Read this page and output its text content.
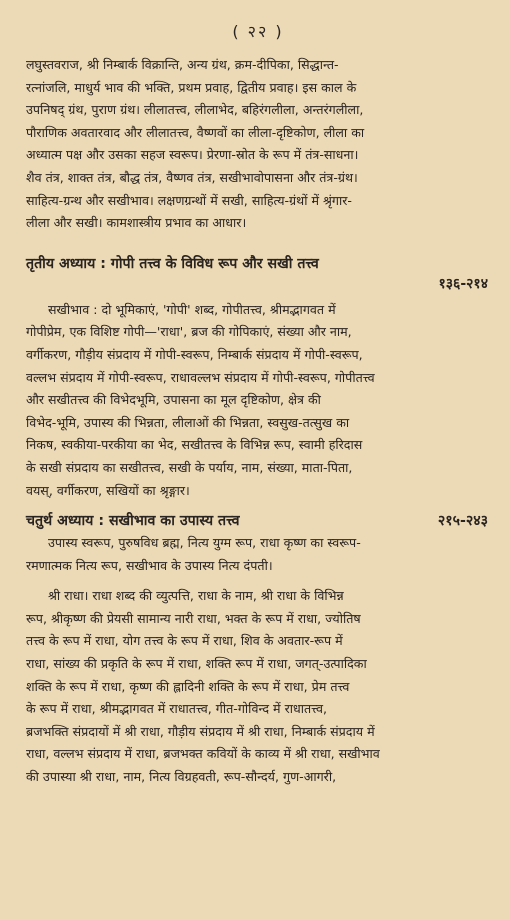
( २२ )
लघुस्तवराज, श्री निम्बार्क विक्रान्ति, अन्य ग्रंथ, क्रम-दीपिका, सिद्धान्त-
रत्नांजलि, माधुर्य भाव की भक्ति, प्रथम प्रवाह, द्वितीय प्रवाह। इस काल के
उपनिषद् ग्रंथ, पुराण ग्रंथ। लीलातत्त्व, लीलाभेद, बहिरंगलीला, अन्तरंगलीला,
पौराणिक अवतारवाद और लीलातत्त्व, वैष्णवों का लीला-दृष्टिकोण, लीला का
अध्यात्म पक्ष और उसका सहज स्वरूप। प्रेरणा-स्रोत के रूप में तंत्र-साधना।
शैव तंत्र, शाक्त तंत्र, बौद्ध तंत्र, वैष्णव तंत्र, सखीभावोपासना और तंत्र-ग्रंथ।
साहित्य-ग्रन्थ और सखीभाव। लक्षणग्रन्थों में सखी, साहित्य-ग्रंथों में श्रृंगार-
लीला और सखी। कामशास्त्रीय प्रभाव का आधार।
तृतीय अध्याय : गोपी तत्त्व के विविध रूप और सखी तत्त्व
१३६-२१४
सखीभाव : दो भूमिकाएं, 'गोपी' शब्द, गोपीतत्त्व, श्रीमद्भागवत में
गोपीप्रेम, एक विशिष्ट गोपी—'राधा', ब्रज की गोपिकाएं, संख्या और नाम,
वर्गीकरण, गौड़ीय संप्रदाय में गोपी-स्वरूप, निम्बार्क संप्रदाय में गोपी-स्वरूप,
वल्लभ संप्रदाय में गोपी-स्वरूप, राधावल्लभ संप्रदाय में गोपी-स्वरूप, गोपीतत्त्व
और सखीतत्त्व की विभेदभूमि, उपासना का मूल दृष्टिकोण, क्षेत्र की
विभेद-भूमि, उपास्य की भिन्नता, लीलाओं की भिन्नता, स्वसुख-तत्सुख का
निकष, स्वकीया-परकीया का भेद, सखीतत्त्व के विभिन्न रूप, स्वामी हरिदास
के सखी संप्रदाय का सखीतत्त्व, सखी के पर्याय, नाम, संख्या, माता-पिता,
वयस्, वर्गीकरण, सखियों का श्रृङ्गार।
चतुर्थ अध्याय : सखीभाव का उपास्य तत्त्व	२१५-२४३
उपास्य स्वरूप, पुरुषविध ब्रह्म, नित्य युग्म रूप, राधा कृष्ण का स्वरूप-
रमणात्मक नित्य रूप, सखीभाव के उपास्य नित्य दंपती।
श्री राधा। राधा शब्द की व्युत्पत्ति, राधा के नाम, श्री राधा के विभिन्न
रूप, श्रीकृष्ण की प्रेयसी सामान्य नारी राधा, भक्त के रूप में राधा, ज्योतिष
तत्त्व के रूप में राधा, योग तत्त्व के रूप में राधा, शिव के अवतार-रूप में
राधा, सांख्य की प्रकृति के रूप में राधा, शक्ति रूप में राधा, जगत्-उत्पादिका
शक्ति के रूप में राधा, कृष्ण की ह्लादिनी शक्ति के रूप में राधा, प्रेम तत्त्व
के रूप में राधा, श्रीमद्भागवत में राधातत्त्व, गीत-गोविन्द में राधातत्त्व,
ब्रजभक्ति संप्रदायों में श्री राधा, गौड़ीय संप्रदाय में श्री राधा, निम्बार्क संप्रदाय में
राधा, वल्लभ संप्रदाय में राधा, ब्रजभक्त कवियों के काव्य में श्री राधा, सखीभाव
की उपास्या श्री राधा, नाम, नित्य विग्रहवती, रूप-सौन्दर्य, गुण-आगरी,
